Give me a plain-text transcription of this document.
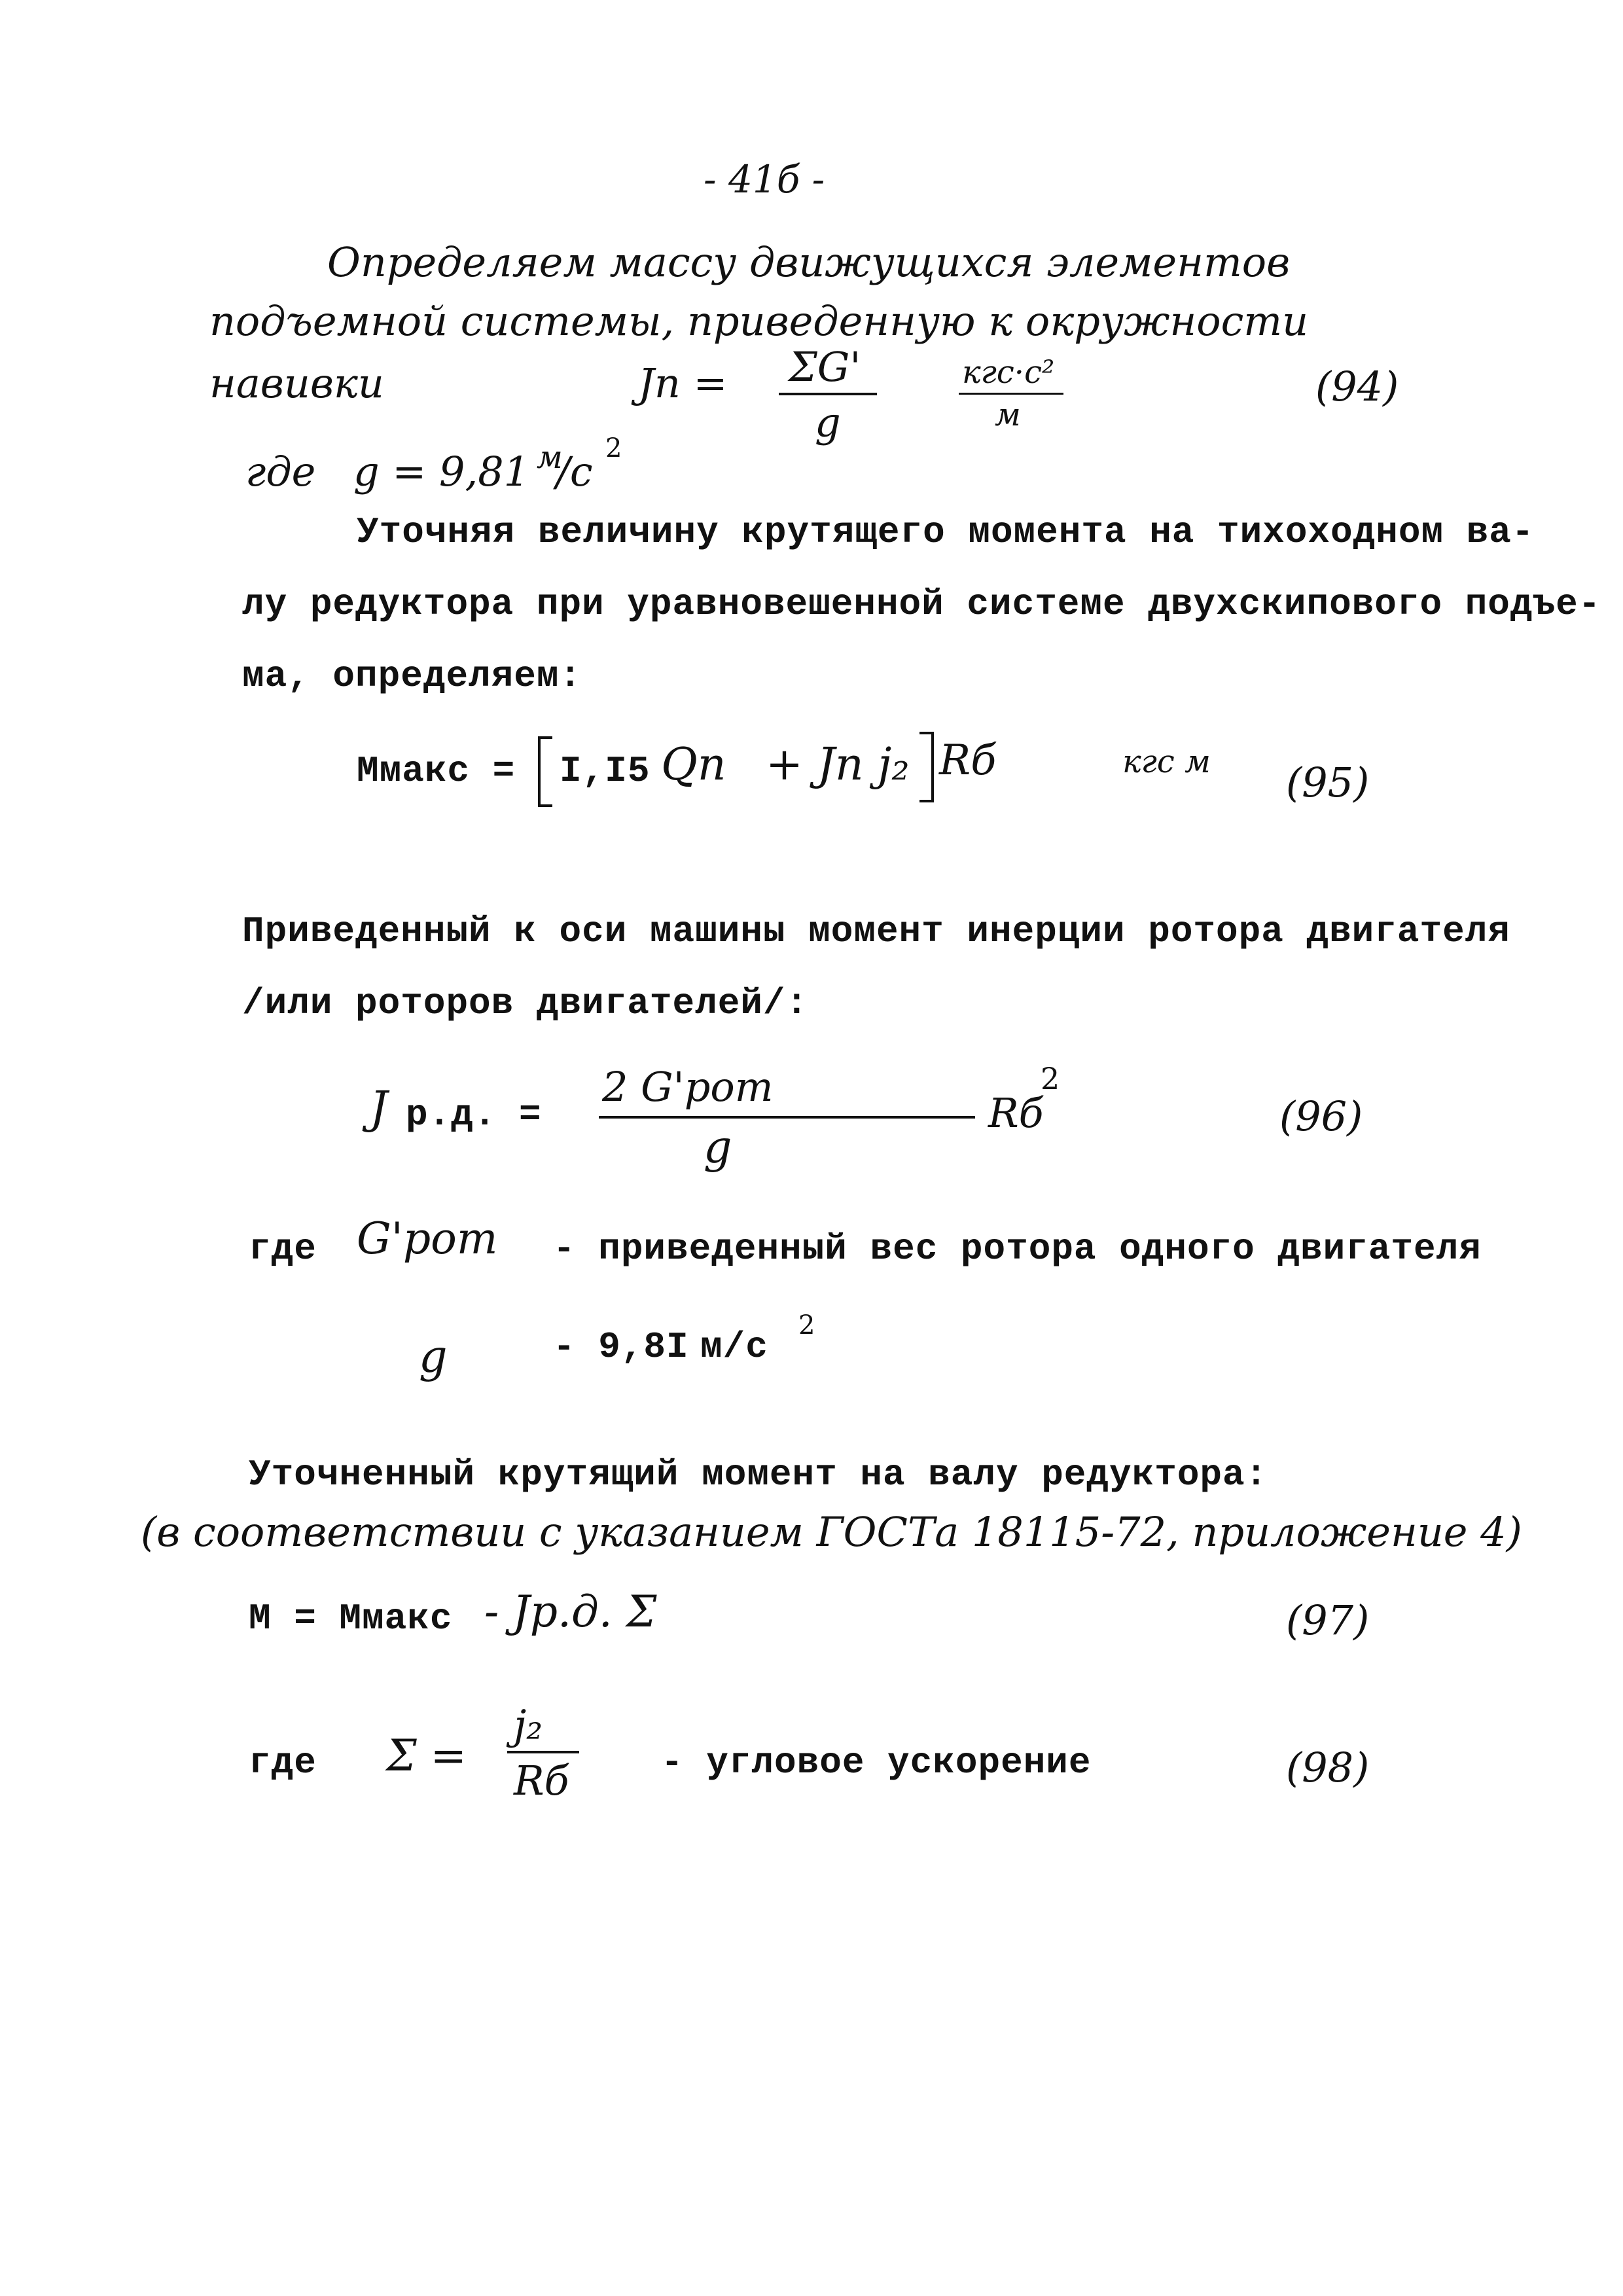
- 41б -
Определяем массу движущихся элементов
подъемной системы, приведенную к окружности
навивки	Jп = ΣG'
g
кгс·с²
м
(94)
где g = 9,81 м
/с 2
Уточняя величину крутящего момента на тихоходном ва-
лу редуктора при уравновешенной системе двухскипового подъе-
ма, определяем:
Ммакс = I,I5 Qп + Jп j₂ Rб	кгс м (95)
Приведенный к оси машины момент инерции ротора двигателя
/или роторов двигателей/:
J р.д. =
2 G'рот
g
Rб
2
(96)
где G'рот - приведенный вес ротора одного двигателя
g	- 9,8I м/с
2
Уточненный крутящий момент на валу редуктора:
(в соответствии с указанием ГОСТа 18115-72, приложение 4)
М = Ммакс - Jр.д. Σ	(97)
где Σ =
j₂
Rб	- угловое ускорение	(98)
